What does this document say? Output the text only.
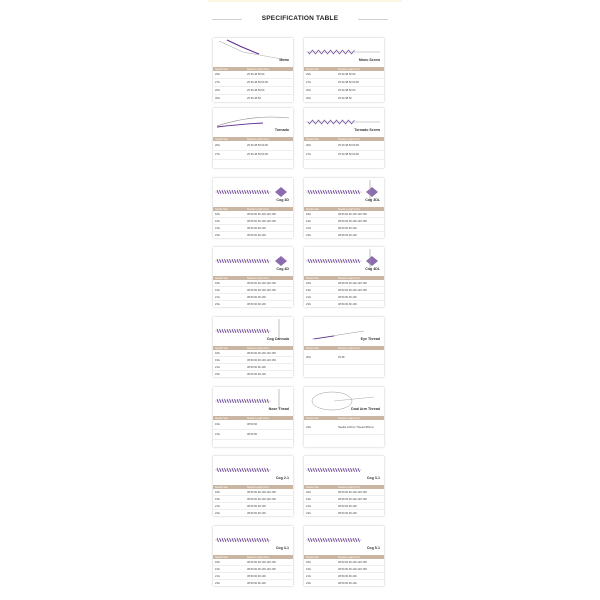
SPECIFICATION TABLE
Mono
Needle Size	Needle Length (mm)
29G	25.30.38.60.90
27G	25.30.38.50.60.90
26G	25.30.38.50.60
30G	25.30.38.50
Mono Screw
Needle Size	Needle Length (mm)
29G	25.30.38.60.90
27G	25.30.38.50.60.90
26G	25.30.38.50.60
30G	25.30.38.50
Tornado
Needle Size	Needle Length (mm)
26G	25.30.38.50.60.90
27G	25.30.38.50.60.90
Tornado Screw
Needle Size	Needle Length (mm)
26G	25.30.38.50.60.90
27G	25.30.38.50.60.90
Cog 3D
Needle Size	Needle Length (mm)
18G	38.50.60.90.100.120.150
19G	38.50.60.90.100.120.150
21G	38.50.60.90.100
23G	38.50.60.90.100
Cog 3DL
Needle Size	Needle Length (mm)
18G	38.50.60.90.100.120.150
19G	38.50.60.90.100.120.150
21G	38.50.60.90.100
23G	38.50.60.90.100
Cog 4D
Needle Size	Needle Length (mm)
18G	38.50.60.90.100.120.150
19G	38.50.60.90.100.120.150
21G	38.50.60.90.100
23G	38.50.60.90.100
Cog 4DL
Needle Size	Needle Length (mm)
18G	38.50.60.90.100.120.150
19G	38.50.60.90.100.120.150
21G	38.50.60.90.100
23G	38.50.60.90.100
Cog Cannula
Needle Size	Needle Length (mm)
18G	38.50.60.90.100.120.150
19G	38.50.60.90.100.120.150
21G	38.50.60.90.100
23G	38.50.60.90.100
Eye Thread
Needle Size	Needle Length (mm)
30G	25.38
Nose Thead
Needle Size	Needle Length (mm)
19G	38.50.60
21G	38.50.60
Dual Arm Thread
Needle Size	Needle Length (mm)
23G	Needle 100mm Thread 300mm
Cog 2-1
Needle Size	Needle Length (mm)
18G	38.50.60.90.100.120.150
19G	38.50.60.90.100.120.150
21G	38.50.60.90.100
23G	38.50.60.90.100
Cog 3-1
Needle Size	Needle Length (mm)
18G	38.50.60.90.100.120.150
19G	38.50.60.90.100.120.150
21G	38.50.60.90.100
23G	38.50.60.90.100
Cog 4-1
Needle Size	Needle Length (mm)
18G	38.50.60.90.100.120.150
19G	38.50.60.90.100.120.150
21G	38.50.60.90.100
23G	38.50.60.90.100
Cog 5-1
Needle Size	Needle Length (mm)
18G	38.50.60.90.100.120.150
19G	38.50.60.90.100.120.150
21G	38.50.60.90.100
23G	38.50.60.90.100
